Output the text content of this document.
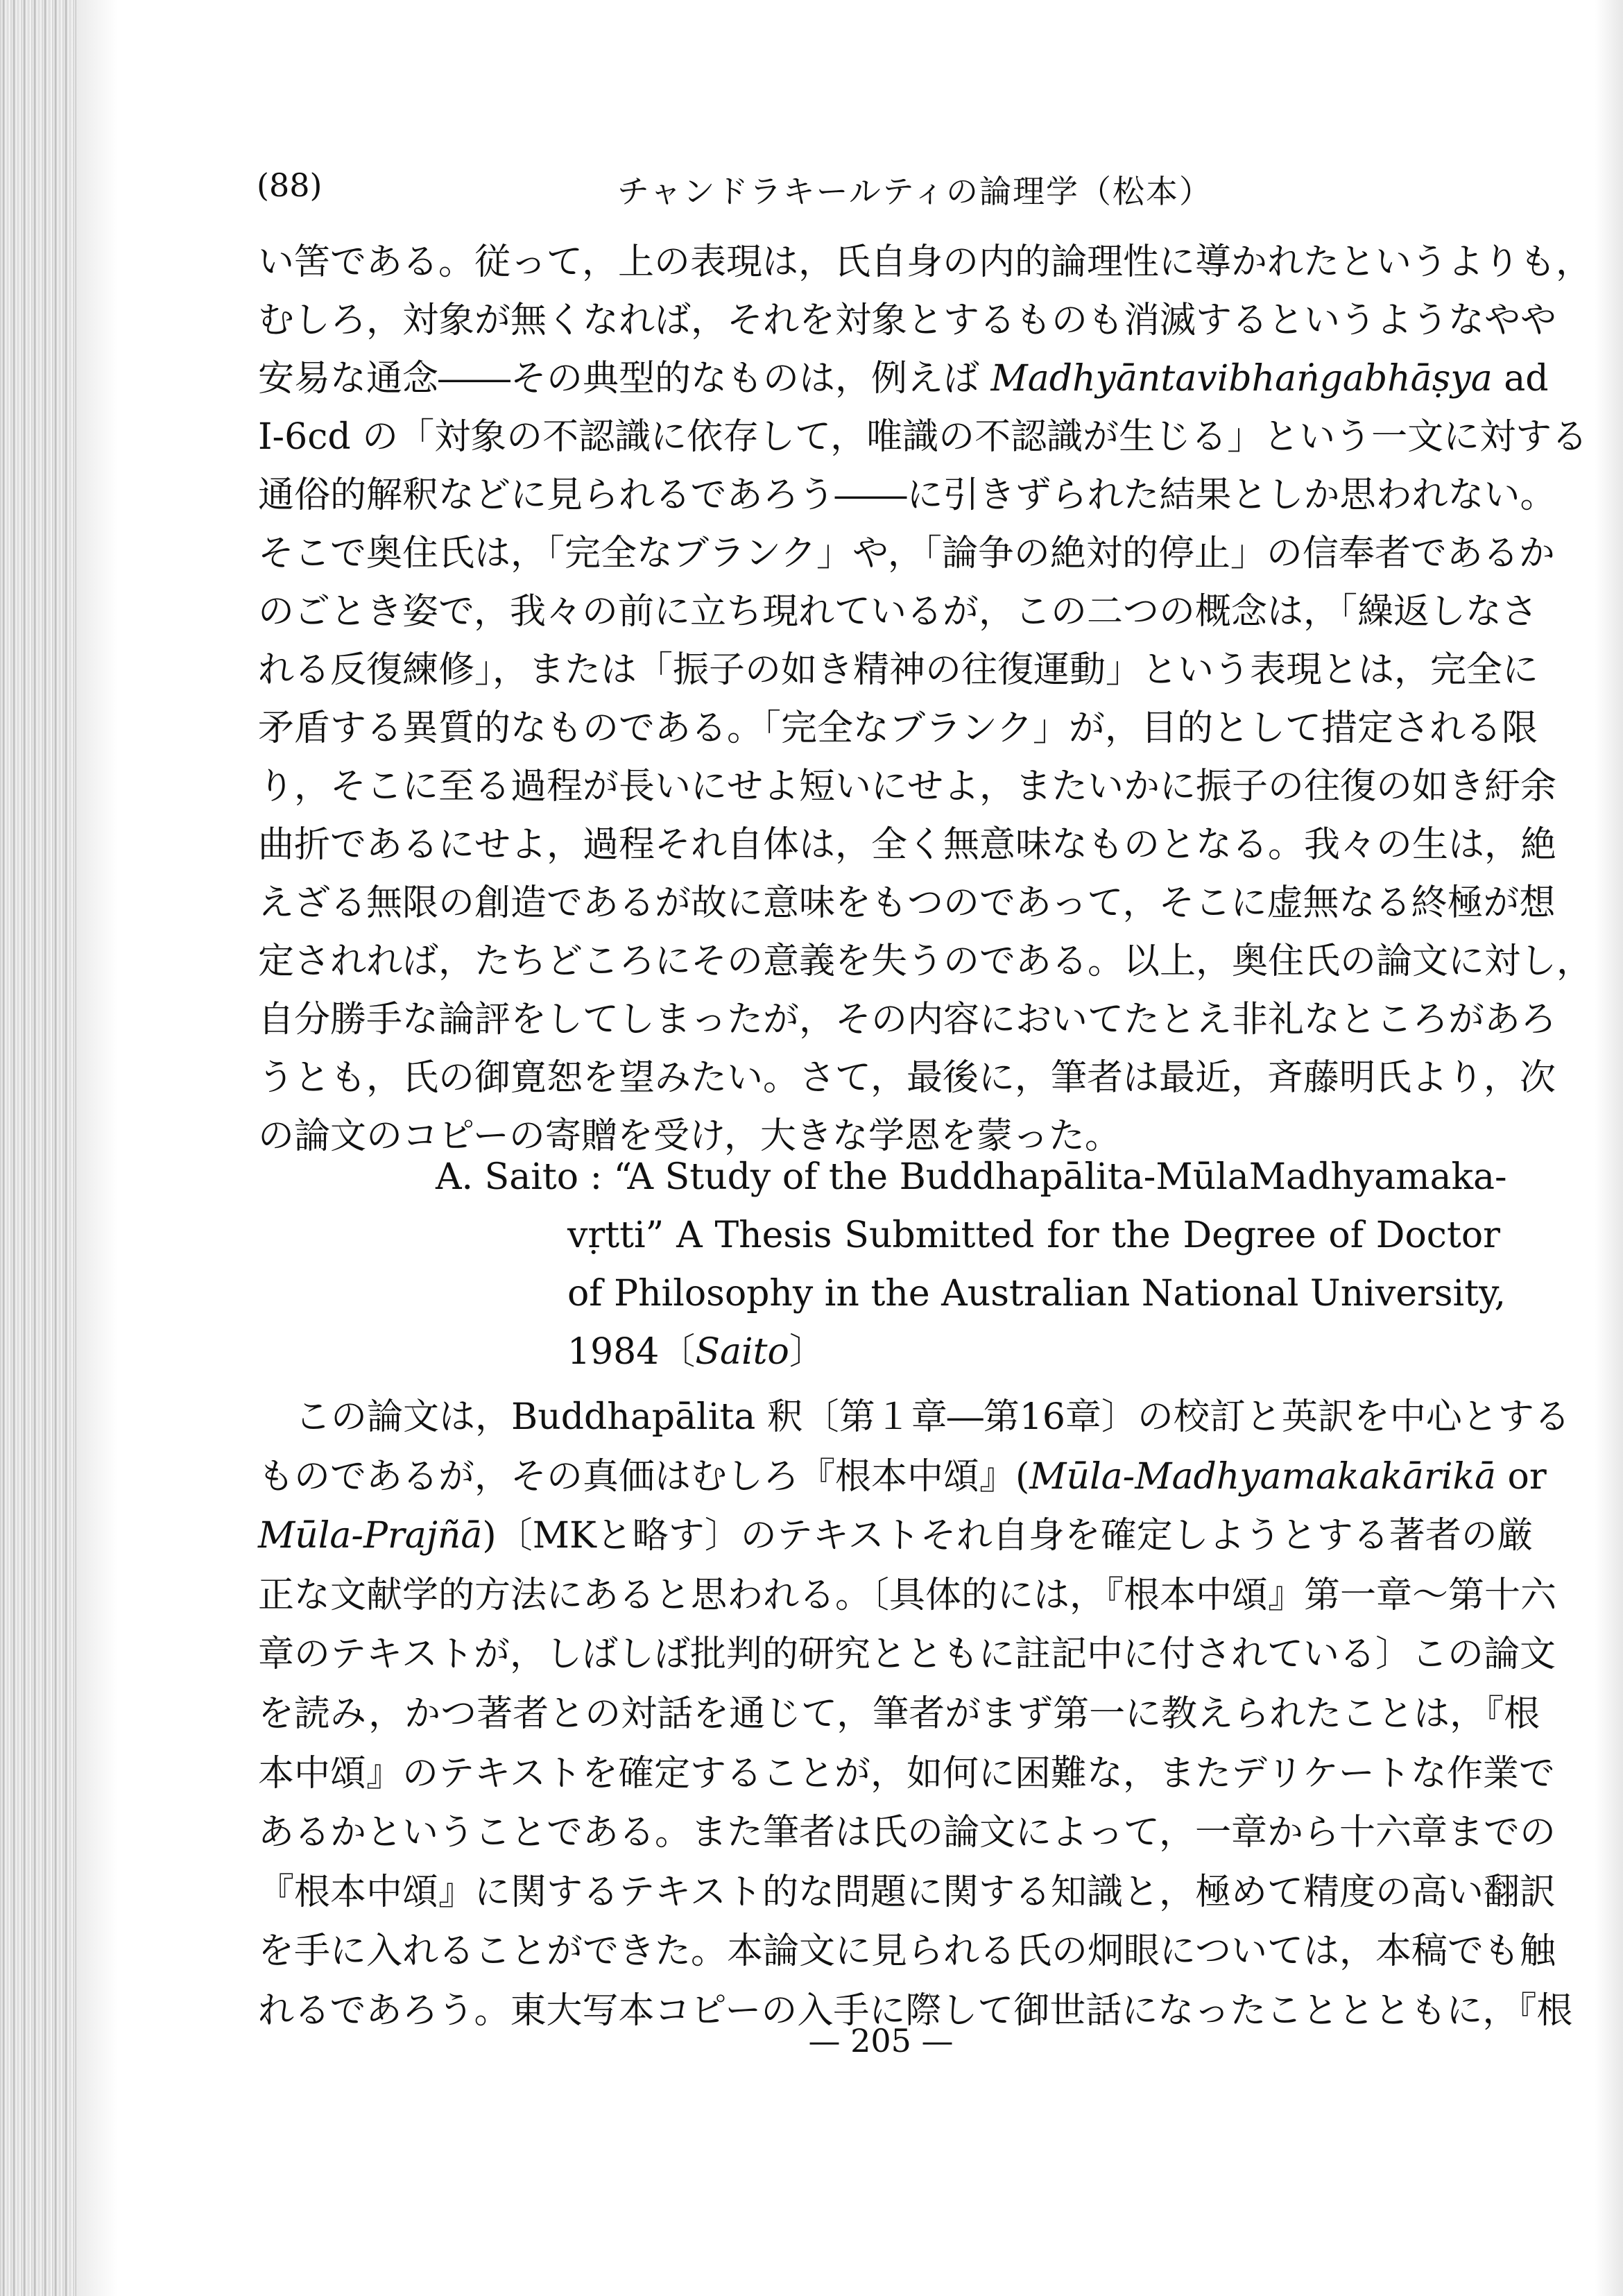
(88)	チャンドラキールティの論理学（松本）
い筈である。従って，上の表現は，氏自身の内的論理性に導かれたというよりも，
むしろ，対象が無くなれば，それを対象とするものも消滅するというようなやや
安易な通念――その典型的なものは，例えば Madhyāntavibhaṅgabhāṣya ad
I-6cd の「対象の不認識に依存して，唯識の不認識が生じる」という一文に対する
通俗的解釈などに見られるであろう――に引きずられた結果としか思われない。
そこで奥住氏は，「完全なブランク」や，「論争の絶対的停止」の信奉者であるか
のごとき姿で，我々の前に立ち現れているが，この二つの概念は，「繰返しなさ
れる反復練修」，または「振子の如き精神の往復運動」という表現とは，完全に
矛盾する異質的なものである。「完全なブランク」が，目的として措定される限
り，そこに至る過程が長いにせよ短いにせよ，またいかに振子の往復の如き紆余
曲折であるにせよ，過程それ自体は，全く無意味なものとなる。我々の生は，絶
えざる無限の創造であるが故に意味をもつのであって，そこに虚無なる終極が想
定されれば，たちどころにその意義を失うのである。以上，奥住氏の論文に対し，
自分勝手な論評をしてしまったが，その内容においてたとえ非礼なところがあろ
うとも，氏の御寛恕を望みたい。さて，最後に，筆者は最近，斉藤明氏より，次
の論文のコピーの寄贈を受け，大きな学恩を蒙った。
A. Saito : “A Study of the Buddhapālita-MūlaMadhyamaka-
vṛtti” A Thesis Submitted for the Degree of Doctor
of Philosophy in the Australian National University,
1984〔Saito〕
この論文は，Buddhapālita 釈〔第１章―第16章〕の校訂と英訳を中心とする
ものであるが，その真価はむしろ『根本中頌』(Mūla-Madhyamakakārikā or
Mūla-Prajñā)〔MKと略す〕のテキストそれ自身を確定しようとする著者の厳
正な文献学的方法にあると思われる。〔具体的には，『根本中頌』第一章～第十六
章のテキストが，しばしば批判的研究とともに註記中に付されている〕この論文
を読み，かつ著者との対話を通じて，筆者がまず第一に教えられたことは，『根
本中頌』のテキストを確定することが，如何に困難な，またデリケートな作業で
あるかということである。また筆者は氏の論文によって，一章から十六章までの
『根本中頌』に関するテキスト的な問題に関する知識と，極めて精度の高い翻訳
を手に入れることができた。本論文に見られる氏の炯眼については，本稿でも触
れるであろう。東大写本コピーの入手に際して御世話になったこととともに，『根
— 205 —
